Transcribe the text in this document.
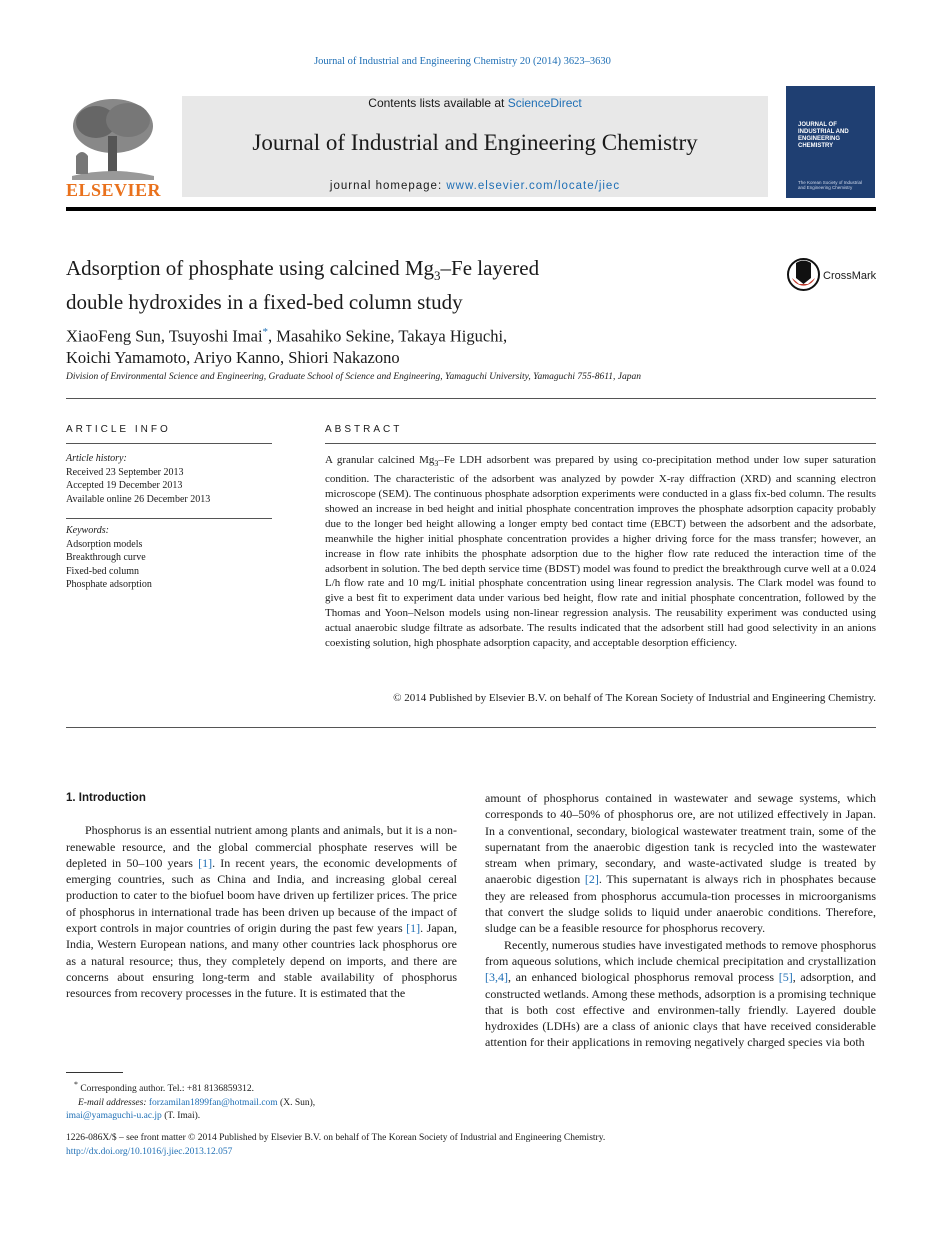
Journal of Industrial and Engineering Chemistry 20 (2014) 3623–3630
ELSEVIER
Contents lists available at ScienceDirect
Journal of Industrial and Engineering Chemistry
journal homepage: www.elsevier.com/locate/jiec
JOURNAL OF INDUSTRIAL AND ENGINEERING CHEMISTRY
The Korean Society of Industrial and Engineering Chemistry
Adsorption of phosphate using calcined $Mg_3-Fe$ layered
double hydroxides in a fixed-bed column study
CrossMark
XiaoFeng Sun, Tsuyoshi Imai*, Masahiko Sekine, Takaya Higuchi,
Koichi Yamamoto, Ariyo Kanno, Shiori Nakazono
Division of Environmental Science and Engineering, Graduate School of Science and Engineering, Yamaguchi University, Yamaguchi 755-8611, Japan
ARTICLE INFO
Article history:
Received 23 September 2013
Accepted 19 December 2013
Available online 26 December 2013
Keywords:
Adsorption models
Breakthrough curve
Fixed-bed column
Phosphate adsorption
ABSTRACT
A granular calcined $Mg_3-Fe$ LDH adsorbent was prepared by using co-precipitation method under low super saturation condition. The characteristic of the adsorbent was analyzed by powder X-ray diffraction (XRD) and scanning electron microscope (SEM). The continuous phosphate adsorption experiments were conducted in a glass fix-bed column. The results showed an increase in bed height and initial phosphate concentration improves the phosphate adsorption capacity probably due to the longer bed height allowing a longer empty bed contact time (EBCT) between the adsorbent and the adsorbate, meanwhile the higher initial phosphate concentration provides a higher driving force for the mass transfer; however, an increase in flow rate inhibits the phosphate adsorption due to the higher flow rate reduced the interaction time of the adsorbent in solution. The bed depth service time (BDST) model was found to predict the breakthrough curve well at a 0.024 L/h flow rate and 10 mg/L initial phosphate concentration using linear regression analysis. The Clark model was found to give a best fit to experiment data under various bed height, flow rate and initial phosphate concentration, followed by the Thomas and Yoon–Nelson models using non-linear regression analysis. The reusability experiment was conducted using actual anaerobic sludge filtrate as adsorbate. The results indicated that the adsorbent still had good selectivity in an anions coexisting solution, high phosphate adsorption capacity, and acceptable desorption efficiency.
© 2014 Published by Elsevier B.V. on behalf of The Korean Society of Industrial and Engineering Chemistry.

1. Introduction

Phosphorus is an essential nutrient among plants and animals, but it is a non-renewable resource, and the global commercial phosphate reserves will be depleted in 50–100 years [1]. In recent years, the economic developments of emerging countries, such as China and India, and increasing global cereal production to cater to the biofuel boom have driven up fertilizer prices. The price of phosphorus in international trade has been driven up because of the impact of export controls in major countries of origin during the past few years [1]. Japan, India, Western European nations, and many other countries lack phosphorus ore as a natural resource; thus, they completely depend on imports, and there are concerns about ensuring long-term and stable availability of phosphorus resources from recovery processes in the future. It is estimated that the

amount of phosphorus contained in wastewater and sewage systems, which corresponds to 40–50% of phosphorus ore, are not utilized effectively in Japan. In a conventional, secondary, biological wastewater treatment train, some of the supernatant from the anaerobic digestion tank is recycled into the wastewater stream when primary, secondary, and waste-activated sludge is treated by anaerobic digestion [2]. This supernatant is always rich in phosphates because they are released from phosphorus accumula-tion processes in microorganisms that convert the sludge solids to liquid under anaerobic conditions. Therefore, sludge can be a feasible resource for phosphorus recovery.

Recently, numerous studies have investigated methods to remove phosphorus from aqueous solutions, which include chemical precipitation and crystallization [3,4], an enhanced biological phosphorus removal process [5], adsorption, and constructed wetlands. Among these methods, adsorption is a promising technique that is both cost effective and environmen-tally friendly. Layered double hydroxides (LDHs) are a class of anionic clays that have received considerable attention for their applications in removing negatively charged species via both

* Corresponding author. Tel.: +81 8136859312.
E-mail addresses: forzamilan1899fan@hotmail.com (X. Sun),
imai@yamaguchi-u.ac.jp (T. Imai).
1226-086X/$ – see front matter © 2014 Published by Elsevier B.V. on behalf of The Korean Society of Industrial and Engineering Chemistry.
http://dx.doi.org/10.1016/j.jiec.2013.12.057
